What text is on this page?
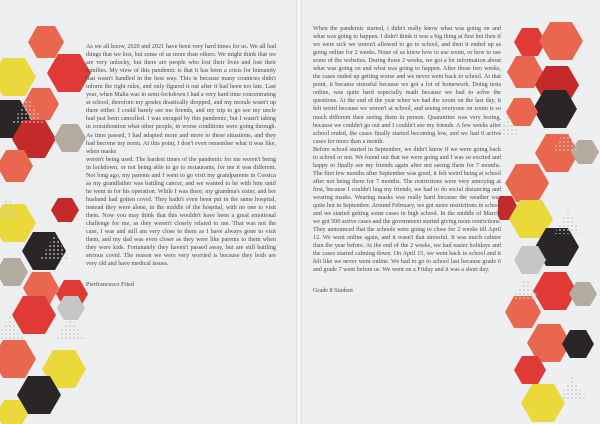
As we all know, 2020 and 2021 have been very hard times for us. We all had things that we lost, but some of us more than others. We might think that we are very unlucky, but there are people who lost their lives and lost their families. My view of this pandemic is that it has been a crisis for humanity that wasn't handled in the best way. This is because many countries didn't inform the right rules, and only figured it out after it had been too late. Last year, when Malta was in semi-lockdown I had a very hard time concentrating at school, therefore my grades drastically dropped, and my morale wasn't up there either. I could barely see me friends, and my trip to go see my uncle had just been cancelled. I was enraged by this pandemic, but I wasn't taking in consideration what other people, in worse conditions were going through. As time passed, I had adapted more and more to these situations, and they had become my norm. At this point, I don't even remember what it was like, when masks

weren't being used. The hardest times of the pandemic for me weren't being in lockdown, or not being able to go to restaurants, for me it was different. Not long ago, my parents and I went to go visit my grandparents in Corsica as my grandfather was battling cancer, and we wanted to be with him until he went in for his operation. While I was there, my grandma's sister, and her husband had gotten covid. They hadn't even been put in the same hospital, instead they were alone, in the middle of the hospital, with no one to visit them. Now you may think that this wouldn't have been a great emotional challenge for me, as they weren't closely related to me. That was not the case, I was and still am very close to them as I have always gone to visit them, and my dad was even closer as they were like parents to them when they were kids. Fortunately they haven't passed away, but are still battling serious covid. The reason we were very worried is because they both are very old and have medical issues.

Pierfrancesco Fried

When the pandemic started, i didn't really know what was going on and what was going to happen. I didn't think it was a big thing at first but then if we were sick we weren't allowed to go to school, and then it ended up as going online for 2 weeks. None of us knew how to use zoom, or how to use some of the websites. During those 2 weeks, we got a lot information about what was going on and what was going to happen. After those two weeks, the cases ended up getting worse and we never went back to school. At that point, it became stressful because we got a lot of homework. Doing tests online, was quite hard especially math because we had to solve the questions. At the end of the year when we had the zoom on the last day, it felt weird because we weren't at school, and seeing everyone on zoom is so much different then seeing them in person. Quarantine was very boring, because we couldn't go out and I couldn't see my friends. A few weeks after school ended, the cases finally started becoming low, and we had 0 active cases for more than a month.

Before school started in September, we didn't know if we were going back to school or not. We found out that we were going and I was so excited and happy to finally see my friends again after not seeing them for 7 months. The first few months after September was good, it felt weird being at school after not being there for 7 months. The restrictions were very annoying at first, because I couldn't hug my friends, we had to do social distancing and wearing masks. Wearing masks was really hard because the weather was quite hot in September. Around February, we got more restrictions in school and we started getting some cases in high school. In the middle of March, we got 500 active cases and the government started giving more restrictions. They announced that the schools were going to close for 2 weeks till April 12. We went online again, and it wasn't that stressful. It was much calmer than the year before. At the end of the 2 weeks, we had easter holidays and the cases started calming down. On April 15, we went back to school and it felt like we never went online. We had to go to school last because grade 6 and grade 7 went before us. We went on a Friday and it was a short day.

Grade 8 Student
